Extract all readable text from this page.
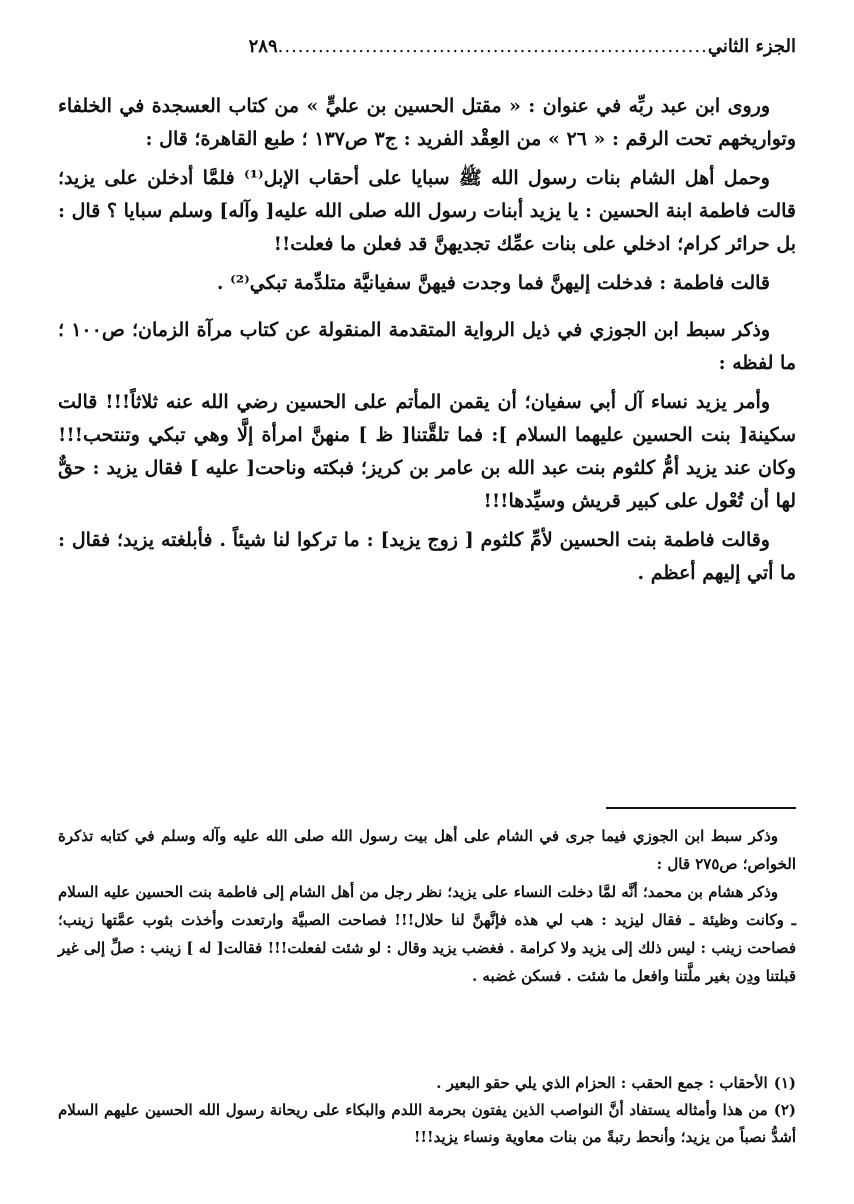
الجزء الثاني................................................................٢٨٩

وروى ابن عبد ربِّه في عنوان : « مقتل الحسين بن عليٍّ » من كتاب العسجدة في الخلفاء وتواريخهم تحت الرقم : « ٢٦ » من العِقْد الفريد : ج٣ ص١٣٧ ؛ طبع القاهرة؛ قال :

وحمل أهل الشام بنات رسول الله ﷺ سبايا على أحقاب الإبل⁽¹⁾ فلمَّا أدخلن على يزيد؛ قالت فاطمة ابنة الحسين : يا يزيد أبنات رسول الله صلى الله عليه[ وآله] وسلم سبايا ؟ قال : بل حرائر كرام؛ ادخلي على بنات عمِّك تجديهنَّ قد فعلن ما فعلت!!

قالت فاطمة : فدخلت إليهنَّ فما وجدت فيهنَّ سفيانيَّة متلدِّمة تبكي⁽²⁾ .

وذكر سبط ابن الجوزي في ذيل الرواية المتقدمة المنقولة عن كتاب مرآة الزمان؛ ص١٠٠ ؛ ما لفظه :

وأمر يزيد نساء آل أبي سفيان؛ أن يقمن المأتم على الحسين رضي الله عنه ثلاثاً!!! قالت سكينة[ بنت الحسين عليهما السلام ]: فما تلقَّتنا[ ظ ] منهنَّ امرأة إلَّا وهي تبكي وتنتحب!!! وكان عند يزيد أمُّ كلثوم بنت عبد الله بن عامر بن كريز؛ فبكته وناحت[ عليه ] فقال يزيد : حقٌّ لها أن تُعْول على كبير قريش وسيِّدها!!!

وقالت فاطمة بنت الحسين لأمِّ كلثوم [ زوج يزيد] : ما تركوا لنا شيئاً . فأبلغته يزيد؛ فقال : ما أتي إليهم أعظم .

وذكر سبط ابن الجوزي فيما جرى في الشام على أهل بيت رسول الله صلى الله عليه وآله وسلم في كتابه تذكرة الخواص؛ ص٢٧٥ قال :

وذكر هشام بن محمد؛ أنَّه لمَّا دخلت النساء على يزيد؛ نظر رجل من أهل الشام إلى فاطمة بنت الحسين عليه السلام ـ وكانت وظيئة ـ فقال ليزيد : هب لي هذه فإنَّهنَّ لنا حلال!!! فصاحت الصبيَّة وارتعدت وأخذت بثوب عمَّتها زينب؛ فصاحت زينب : ليس ذلك إلى يزيد ولا كرامة . فغضب يزيد وقال : لو شئت لفعلت!!! فقالت[ له ] زينب : صلِّ إلى غير قبلتنا ودِن بغير ملَّتنا وافعل ما شئت . فسكن غضبه .

(١)الأحقاب : جمع الحقب : الحزام الذي يلي حقو البعير .

(٢)من هذا وأمثاله يستفاد أنَّ النواصب الذين يفتون بحرمة اللدم والبكاء على ريحانة رسول الله الحسين عليهم السلام أشدُّ نصباً من يزيد؛ وأنحط رتبةً من بنات معاوية ونساء يزيد!!!
